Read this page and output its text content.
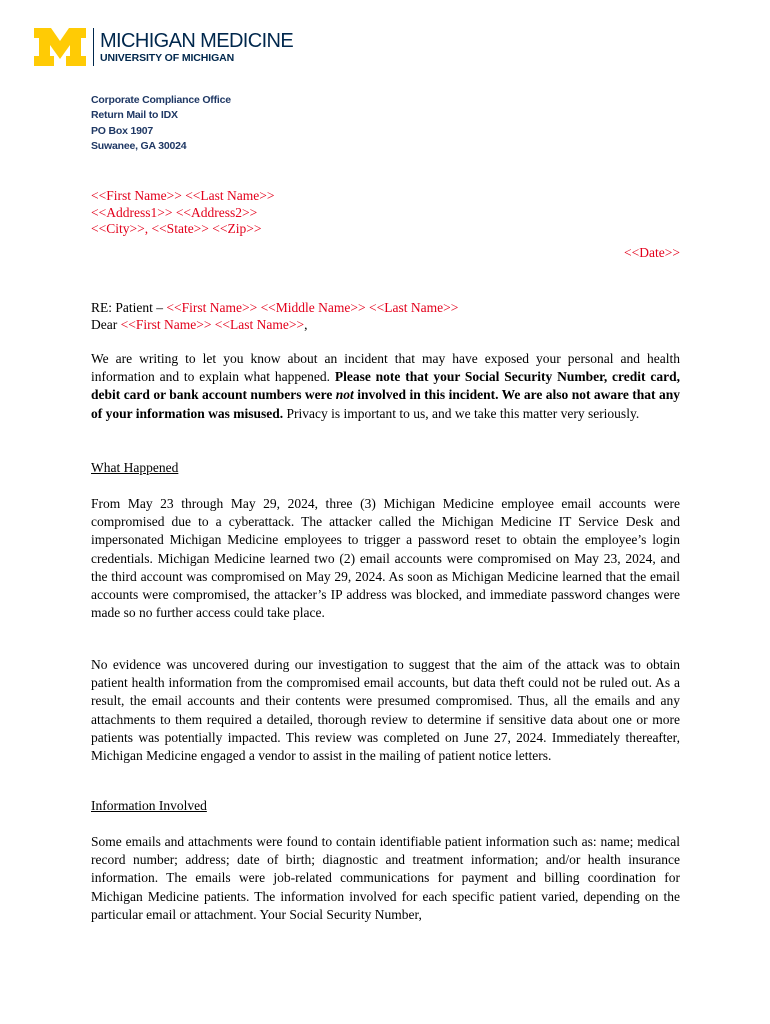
MICHIGAN MEDICINE
UNIVERSITY OF MICHIGAN
Corporate Compliance Office
Return Mail to IDX
PO Box 1907
Suwanee, GA 30024
<<First Name>> <<Last Name>>
<<Address1>> <<Address2>>
<<City>>, <<State>> <<Zip>>
<<Date>>
RE: Patient – <<First Name>> <<Middle Name>> <<Last Name>>
Dear <<First Name>> <<Last Name>>,
We are writing to let you know about an incident that may have exposed your personal and health information and to explain what happened. Please note that your Social Security Number, credit card, debit card or bank account numbers were not involved in this incident. We are also not aware that any of your information was misused. Privacy is important to us, and we take this matter very seriously.
What Happened
From May 23 through May 29, 2024, three (3) Michigan Medicine employee email accounts were compromised due to a cyberattack. The attacker called the Michigan Medicine IT Service Desk and impersonated Michigan Medicine employees to trigger a password reset to obtain the employee’s login credentials. Michigan Medicine learned two (2) email accounts were compromised on May 23, 2024, and the third account was compromised on May 29, 2024. As soon as Michigan Medicine learned that the email accounts were compromised, the attacker’s IP address was blocked, and immediate password changes were made so no further access could take place.
No evidence was uncovered during our investigation to suggest that the aim of the attack was to obtain patient health information from the compromised email accounts, but data theft could not be ruled out. As a result, the email accounts and their contents were presumed compromised. Thus, all the emails and any attachments to them required a detailed, thorough review to determine if sensitive data about one or more patients was potentially impacted. This review was completed on June 27, 2024. Immediately thereafter, Michigan Medicine engaged a vendor to assist in the mailing of patient notice letters.
Information Involved
Some emails and attachments were found to contain identifiable patient information such as: name; medical record number; address; date of birth; diagnostic and treatment information; and/or health insurance information. The emails were job-related communications for payment and billing coordination for Michigan Medicine patients. The information involved for each specific patient varied, depending on the particular email or attachment. Your Social Security Number,
